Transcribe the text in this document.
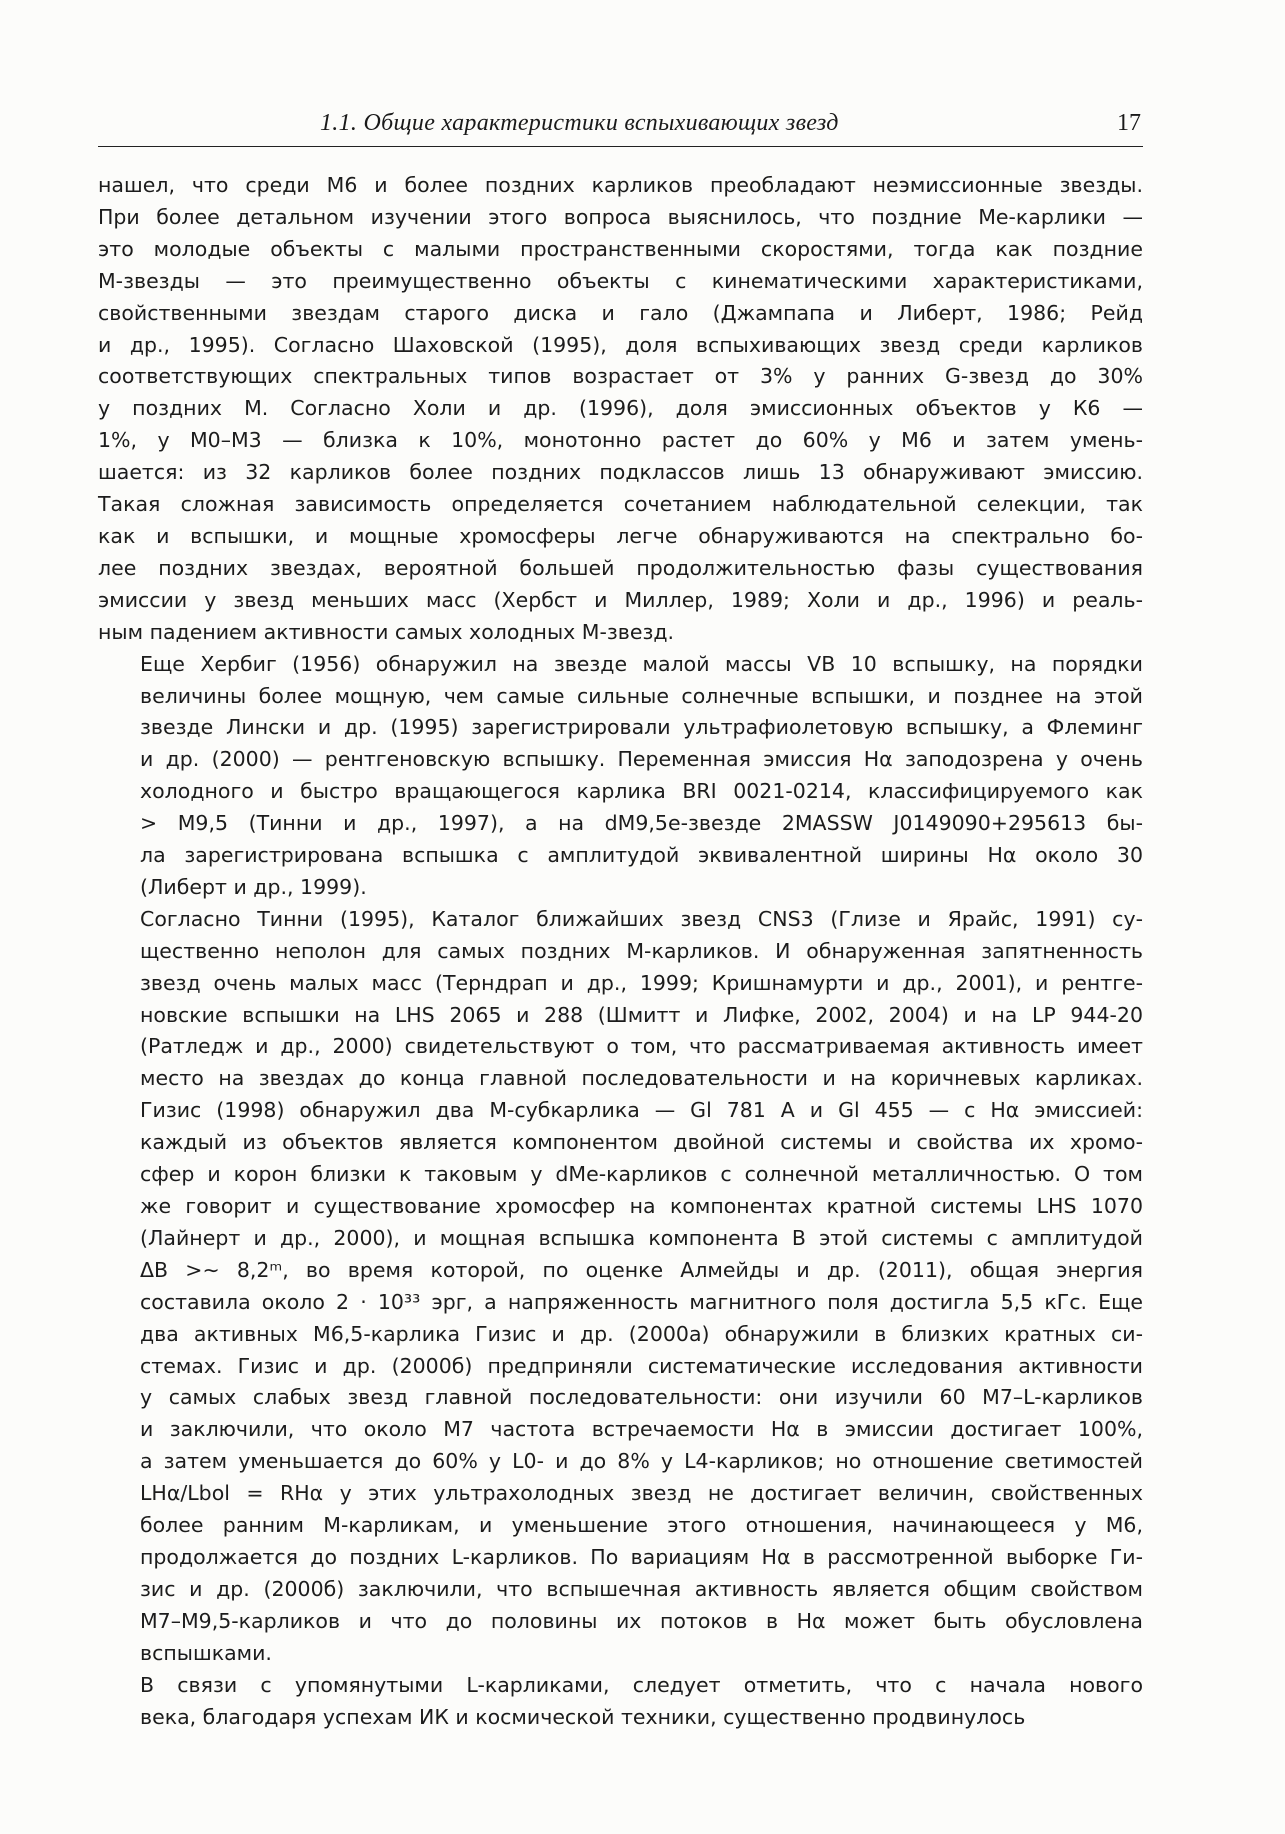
1.1. Общие характеристики вспыхивающих звезд	17
нашел, что среди М6 и более поздних карликов преобладают неэмиссионные звезды.
При более детальном изучении этого вопроса выяснилось, что поздние Ме-карлики —
это молодые объекты с малыми пространственными скоростями, тогда как поздние
М-звезды — это преимущественно объекты с кинематическими характеристиками,
свойственными звездам старого диска и гало (Джампапа и Либерт, 1986; Рейд
и др., 1995). Согласно Шаховской (1995), доля вспыхивающих звезд среди карликов
соответствующих спектральных типов возрастает от 3% у ранних G-звезд до 30%
у поздних М. Согласно Холи и др. (1996), доля эмиссионных объектов у К6 —
1%, у М0–М3 — близка к 10%, монотонно растет до 60% у М6 и затем умень-
шается: из 32 карликов более поздних подклассов лишь 13 обнаруживают эмиссию.
Такая сложная зависимость определяется сочетанием наблюдательной селекции, так
как и вспышки, и мощные хромосферы легче обнаруживаются на спектрально бо-
лее поздних звездах, вероятной большей продолжительностью фазы существования
эмиссии у звезд меньших масс (Хербст и Миллер, 1989; Холи и др., 1996) и реаль-
ным падением активности самых холодных М-звезд.
Еще Хербиг (1956) обнаружил на звезде малой массы VB 10 вспышку, на порядки
величины более мощную, чем самые сильные солнечные вспышки, и позднее на этой
звезде Лински и др. (1995) зарегистрировали ультрафиолетовую вспышку, а Флеминг
и др. (2000) — рентгеновскую вспышку. Переменная эмиссия Hα заподозрена у очень
холодного и быстро вращающегося карлика BRI 0021-0214, классифицируемого как
> M9,5 (Тинни и др., 1997), а на dM9,5е-звезде 2MASSW J0149090+295613 бы-
ла зарегистрирована вспышка с амплитудой эквивалентной ширины Hα около 30
(Либерт и др., 1999).
Согласно Тинни (1995), Каталог ближайших звезд CNS3 (Глизе и Ярайс, 1991) су-
щественно неполон для самых поздних М-карликов. И обнаруженная запятненность
звезд очень малых масс (Терндрап и др., 1999; Кришнамурти и др., 2001), и рентге-
новские вспышки на LHS 2065 и 288 (Шмитт и Лифке, 2002, 2004) и на LP 944-20
(Ратледж и др., 2000) свидетельствуют о том, что рассматриваемая активность имеет
место на звездах до конца главной последовательности и на коричневых карликах.
Гизис (1998) обнаружил два М-субкарлика — Gl 781 A и Gl 455 — с Hα эмиссией:
каждый из объектов является компонентом двойной системы и свойства их хромо-
сфер и корон близки к таковым у dMe-карликов с солнечной металличностью. О том
же говорит и существование хромосфер на компонентах кратной системы LHS 1070
(Лайнерт и др., 2000), и мощная вспышка компонента B этой системы с амплитудой
ΔB >∼ 8,2ᵐ, во время которой, по оценке Алмейды и др. (2011), общая энергия
составила около 2 · 10³³ эрг, а напряженность магнитного поля достигла 5,5 кГс. Еще
два активных М6,5-карлика Гизис и др. (2000а) обнаружили в близких кратных си-
стемах. Гизис и др. (2000б) предприняли систематические исследования активности
у самых слабых звезд главной последовательности: они изучили 60 М7–L-карликов
и заключили, что около М7 частота встречаемости Hα в эмиссии достигает 100%,
а затем уменьшается до 60% у L0- и до 8% у L4-карликов; но отношение светимостей
LHα/Lbol = RHα у этих ультрахолодных звезд не достигает величин, свойственных
более ранним М-карликам, и уменьшение этого отношения, начинающееся у М6,
продолжается до поздних L-карликов. По вариациям Hα в рассмотренной выборке Ги-
зис и др. (2000б) заключили, что вспышечная активность является общим свойством
М7–М9,5-карликов и что до половины их потоков в Hα может быть обусловлена
вспышками.
В связи с упомянутыми L-карликами, следует отметить, что с начала нового
века, благодаря успехам ИК и космической техники, существенно продвинулось
